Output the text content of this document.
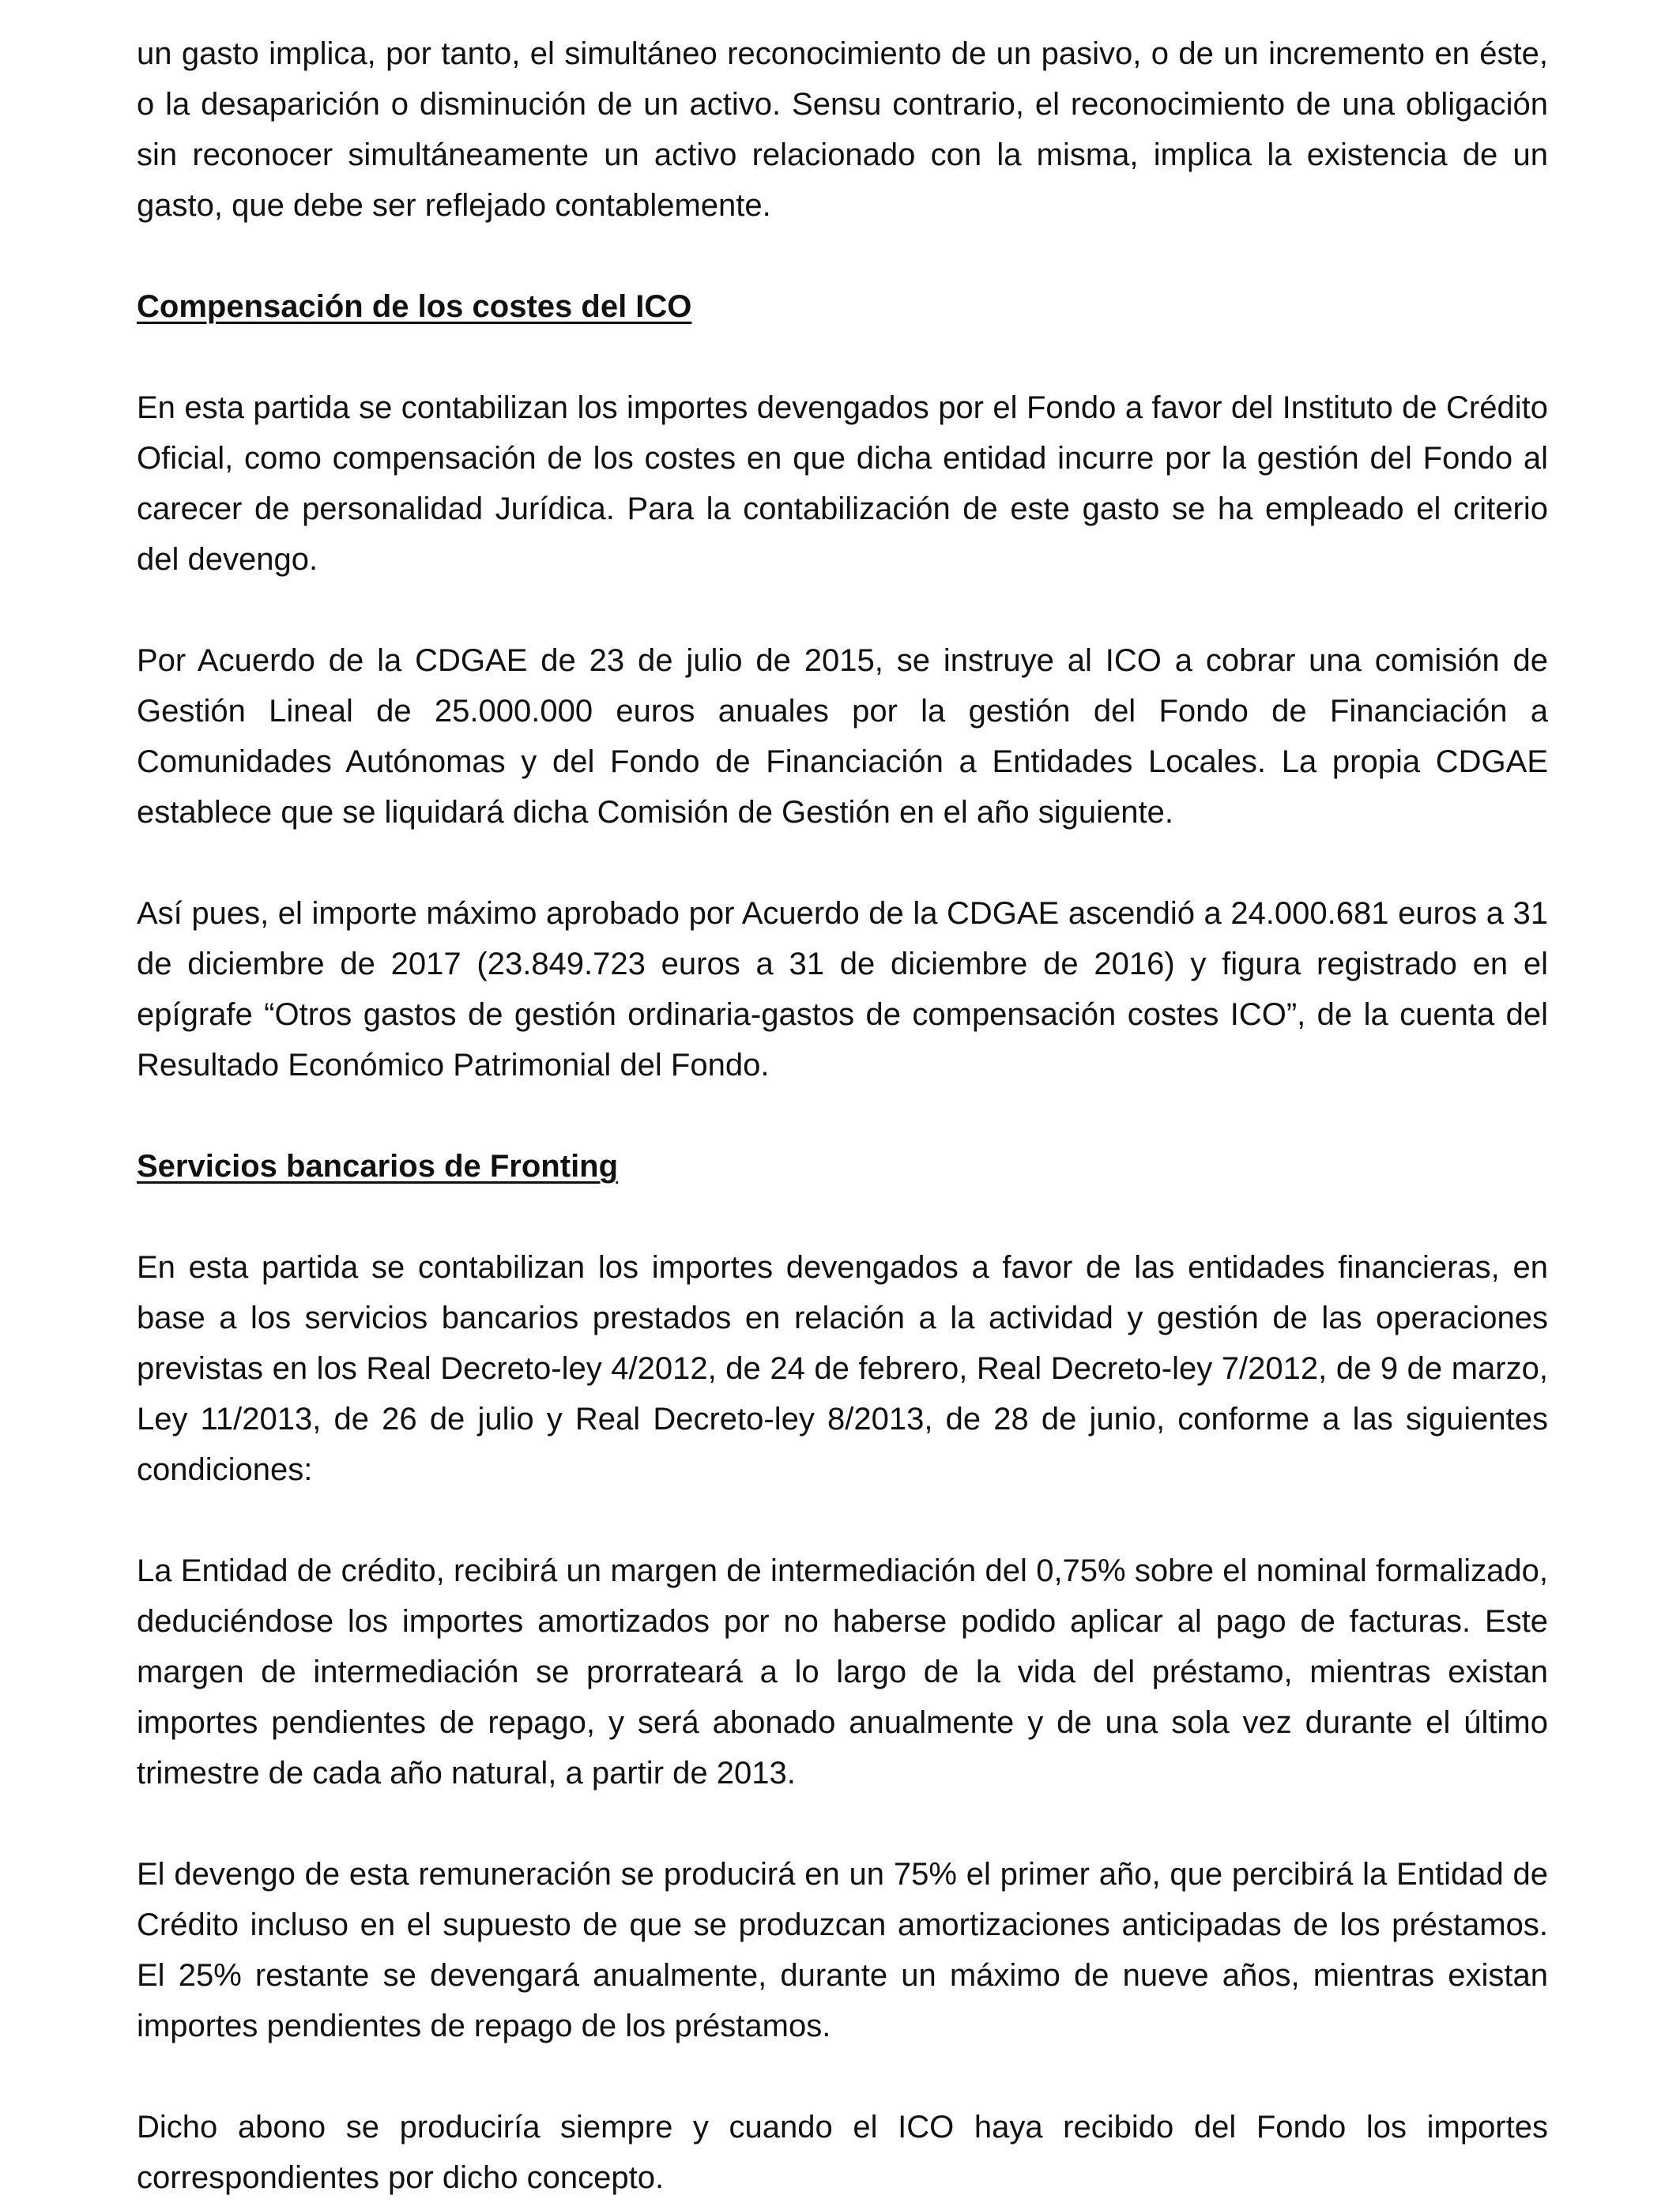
un gasto implica, por tanto, el simultáneo reconocimiento de un pasivo, o de un incremento en éste, o la desaparición o disminución de un activo. Sensu contrario, el reconocimiento de una obligación sin reconocer simultáneamente un activo relacionado con la misma, implica la existencia de un gasto, que debe ser reflejado contablemente.

Compensación de los costes del ICO

En esta partida se contabilizan los importes devengados por el Fondo a favor del Instituto de Crédito Oficial, como compensación de los costes en que dicha entidad incurre por la gestión del Fondo al carecer de personalidad Jurídica. Para la contabilización de este gasto se ha empleado el criterio del devengo.

Por Acuerdo de la CDGAE de 23 de julio de 2015, se instruye al ICO a cobrar una comisión de Gestión Lineal de 25.000.000 euros anuales por la gestión del Fondo de Financiación a Comunidades Autónomas y del Fondo de Financiación a Entidades Locales. La propia CDGAE establece que se liquidará dicha Comisión de Gestión en el año siguiente.

Así pues, el importe máximo aprobado por Acuerdo de la CDGAE ascendió a 24.000.681 euros a 31 de diciembre de 2017 (23.849.723 euros a 31 de diciembre de 2016) y figura registrado en el epígrafe “Otros gastos de gestión ordinaria-gastos de compensación costes ICO”, de la cuenta del Resultado Económico Patrimonial del Fondo.

Servicios bancarios de Fronting

En esta partida se contabilizan los importes devengados a favor de las entidades financieras, en base a los servicios bancarios prestados en relación a la actividad y gestión de las operaciones previstas en los Real Decreto-ley 4/2012, de 24 de febrero, Real Decreto-ley 7/2012, de 9 de marzo, Ley 11/2013, de 26 de julio y Real Decreto-ley 8/2013, de 28 de junio, conforme a las siguientes condiciones:

La Entidad de crédito, recibirá un margen de intermediación del 0,75% sobre el nominal formalizado, deduciéndose los importes amortizados por no haberse podido aplicar al pago de facturas. Este margen de intermediación se prorrateará a lo largo de la vida del préstamo, mientras existan importes pendientes de repago, y será abonado anualmente y de una sola vez durante el último trimestre de cada año natural, a partir de 2013.

El devengo de esta remuneración se producirá en un 75% el primer año, que percibirá la Entidad de Crédito incluso en el supuesto de que se produzcan amortizaciones anticipadas de los préstamos. El 25% restante se devengará anualmente, durante un máximo de nueve años, mientras existan importes pendientes de repago de los préstamos.

Dicho abono se produciría siempre y cuando el ICO haya recibido del Fondo los importes correspondientes por dicho concepto.
